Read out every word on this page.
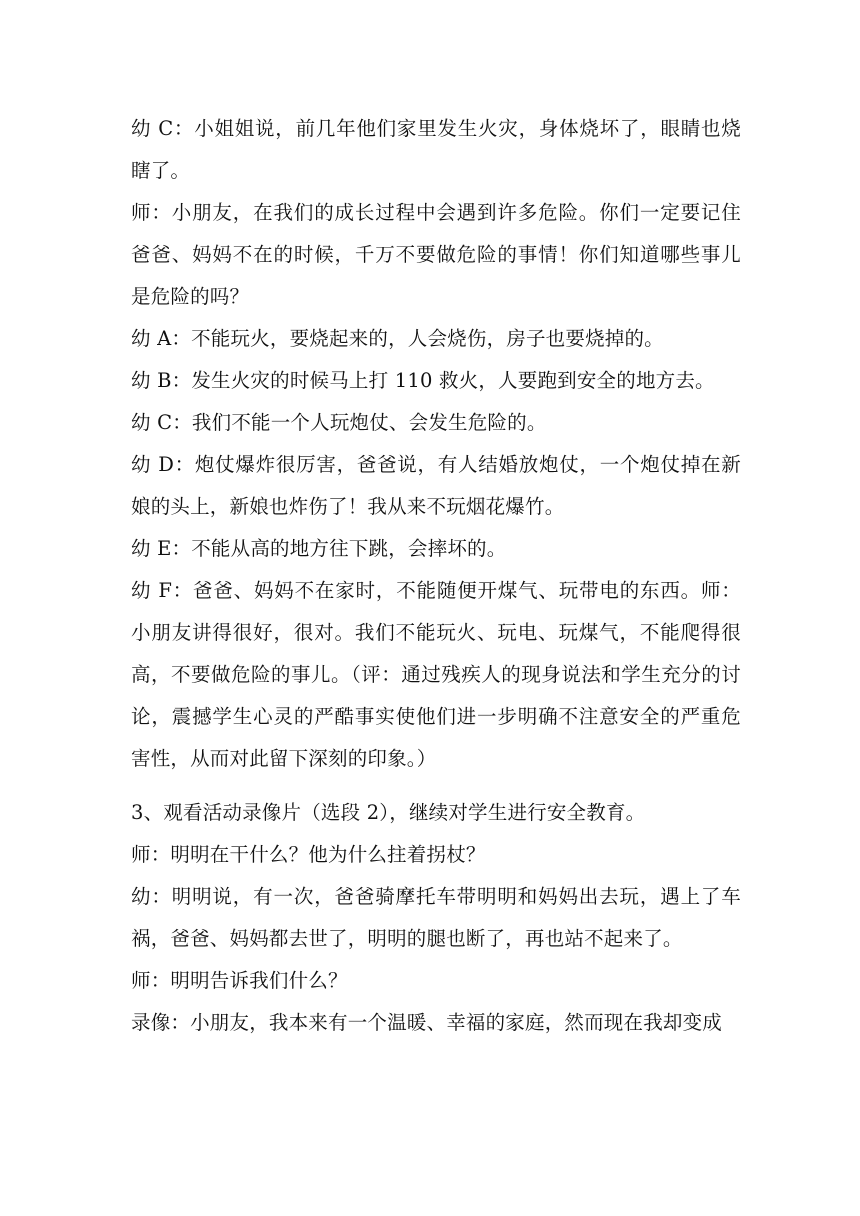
幼 C：小姐姐说，前几年他们家里发生火灾，身体烧坏了，眼睛也烧瞎了。

师：小朋友，在我们的成长过程中会遇到许多危险。你们一定要记住爸爸、妈妈不在的时候，千万不要做危险的事情！你们知道哪些事儿是危险的吗？

幼 A：不能玩火，要烧起来的，人会烧伤，房子也要烧掉的。

幼 B：发生火灾的时候马上打 110 救火，人要跑到安全的地方去。

幼 C：我们不能一个人玩炮仗、会发生危险的。

幼 D：炮仗爆炸很厉害，爸爸说，有人结婚放炮仗，一个炮仗掉在新娘的头上，新娘也炸伤了！我从来不玩烟花爆竹。

幼 E：不能从高的地方往下跳，会摔坏的。

幼 F：爸爸、妈妈不在家时，不能随便开煤气、玩带电的东西。师：小朋友讲得很好，很对。我们不能玩火、玩电、玩煤气，不能爬得很高，不要做危险的事儿。（评：通过残疾人的现身说法和学生充分的讨论，震撼学生心灵的严酷事实使他们进一步明确不注意安全的严重危害性，从而对此留下深刻的印象。）

3、观看活动录像片（选段 2），继续对学生进行安全教育。

师：明明在干什么？他为什么拄着拐杖？

幼：明明说，有一次，爸爸骑摩托车带明明和妈妈出去玩，遇上了车祸，爸爸、妈妈都去世了，明明的腿也断了，再也站不起来了。

师：明明告诉我们什么？

录像：小朋友，我本来有一个温暖、幸福的家庭，然而现在我却变成
